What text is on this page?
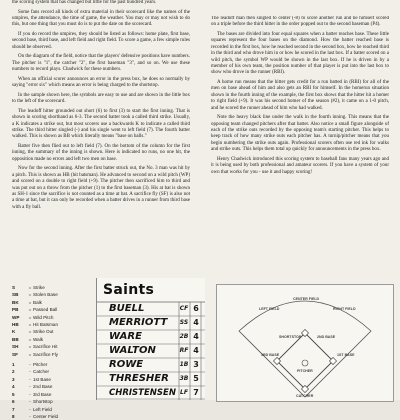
the scoring system that has changed but little for the past hundred years.

Some fans record all kinds of extra material in their scorecard like the names of the umpires, the attendance, the time of game, the weather. You may or may not wish to do this, but one thing that you must do is to put the date on the scorecard.

If you do record the umpires, they should be listed as follows: home plate, first base, second base, third base, and left field and right field. To score a game, a few simple rules should be observed.

On the diagram of the field, notice that the players' defensive positions have numbers. The pitcher is "1", the catcher "2", the first baseman "3", and so on. We use these numbers to record plays. Chadwick for these numbers.

When an official scorer announces an error in the press box, he does so normally by saying "error six" which means an error is being charged to the shortstop.

In the sample shown here, the symbols are easy to use and are shown in the little box to the left of the scorecard.

The leadoff hitter grounded out short (6) to first (3) to start the first inning. That is shown in scoring shorthand as 6-3. The second batter took a called third strike. Usually, a K indicates a strike out, but most scorers use a backwards K to indicate a called third strike. The third hitter singled (-) and his single went to left field (7). The fourth batter walked. This is shown as BB which literally means "base on balls."

Batter five then flied out to left field (7). On the bottom of the column for the first inning, the summary of the inning is shown. Here is indicated no runs, no one hit, the opposition made no errors and left two men on base.

Now for the second inning. After the first batter struck out, the No. 3 man was hit by a pitch. This is shown as HB (hit batsman). He advanced to second on a wild pitch (WP) and scored on a double to right field (+9). The pitcher then sacrificed him to third and was put out on a throw from the pitcher (1) to the first baseman (3). His at bat is shown as SH-1 since the sacrifice is not counted as a time at bat. A sacrifice fly (SF) is also not a time at bat, but it can only be recorded when a batter drives in a runner from third base with a fly ball.

The leadoff man then singled to center (-8) to score another run and he himself scored on a triple before the third hitter in the order popped out to the second baseman (P4).

The bases are divided into four equal squares when a batter reaches base. These little squares represent the four bases on the diamond. How the batter reached base is recorded in the first box, how he reached second in the second box, how he reached third in the third and who drove him in or how he scored in the last box. If a batter scored on a wild pitch, the symbol WP would be shown in the last box. If he is driven in by a member of his own team, the position number of that player is put into the last box to show who drove in the runner (RBI).

A home run means that the hitter gets credit for a run batted in (RBI) for all of the men on base ahead of him and also gets an RBI for himself. In the homerun situation shown in the fourth inning of the example, the first box shows that the hitter hit a homer to right field (+9). It was his second homer of the season (#2), it came on a 1-0 pitch, and he scored the runner ahead of him who had walked.

Note the heavy black line under the walk in the fourth inning. This means that the opposing team changed pitchers after that batter. Also notice a small figure alongside of each of the strike outs recorded by the opposing team's starting pitcher. This helps to keep track of how many strike outs each pitcher has. A turnip/pitcher means that you begin numbering the strike outs again. Professional scorers often use red ink for walks and strike outs. This helps them total up quickly for announcements in the press box.

Henry Chadwick introduced this scoring system to baseball fans many years ago and it is being used by both professional and amateur scorers. If you have a system of your own that works for you - use it and happy scoring!

S	= Strike
SB	= Stolen Base
BK	= Balk
PB	= Passed Ball
WP	= Wild Pitch
HB	= Hit Batsman
K	= Strike Out
BB	= Walk
SH	= Sacrifice Hit
SF	= Sacrifice Fly
1	- Pitcher
2	- Catcher
3	- 1st Base
4	- 2nd Base
5	- 3rd Base
6	- Shortstop
7	- Left Field
8	- Center Field
Saints
BUELL	CF 6
MERRIOTT SS 4
WARE	2B 4
WALTON	RF 4
ROWE	1B 3
THRESHER 3B 5
CHRISTENSEN LF 7
LEFT FIELD
CENTER FIELD
RIGHT FIELD
SHORTSTOP	2ND BASE
3RD BASE	1ST BASE
PITCHER
CATCHER
